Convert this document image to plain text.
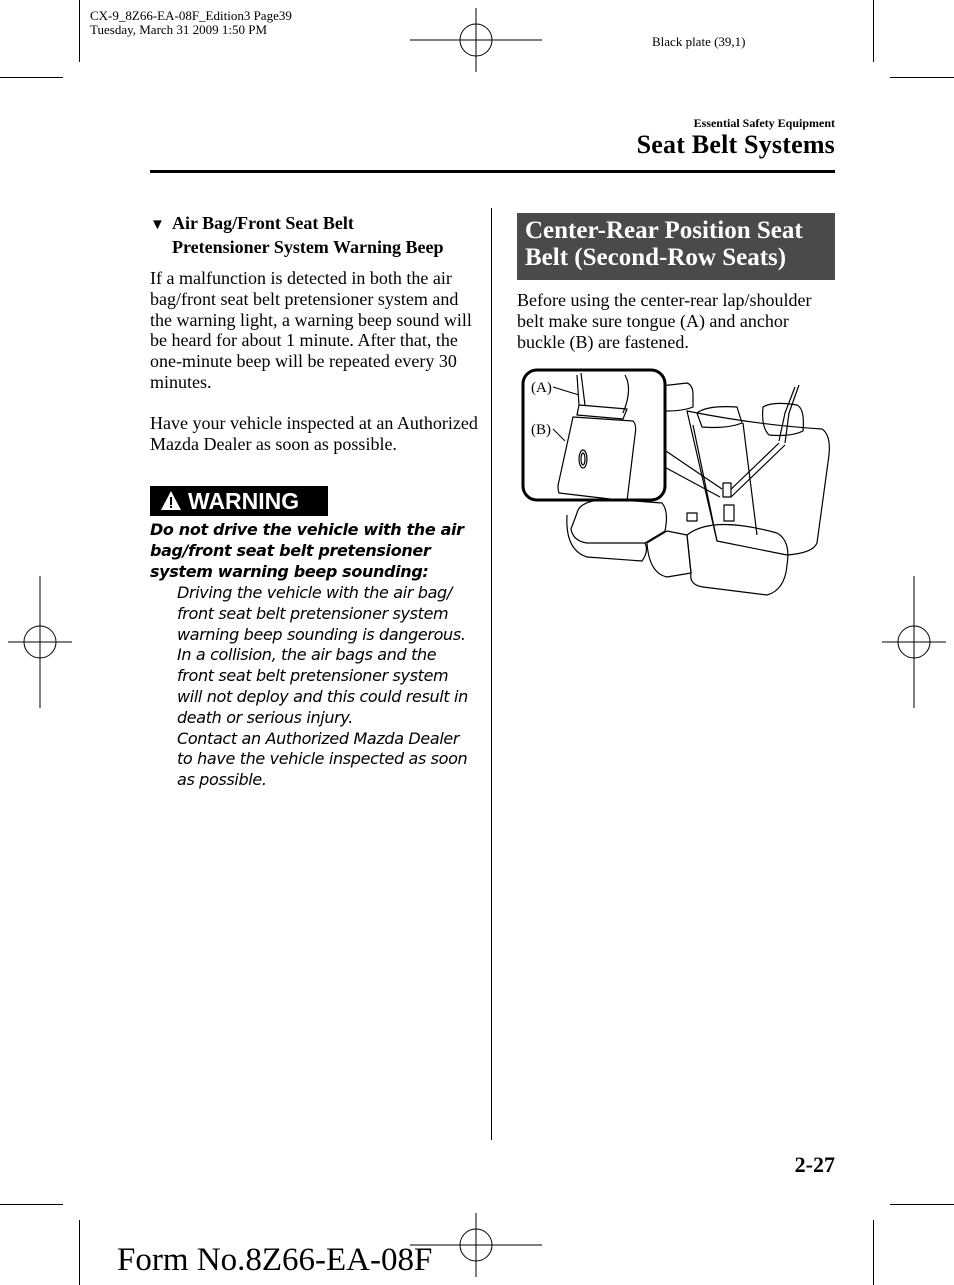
CX-9_8Z66-EA-08F_Edition3 Page39
Tuesday, March 31 2009 1:50 PM
Black plate (39,1)
Essential Safety Equipment
Seat Belt Systems
▼ Air Bag/Front Seat Belt
Pretensioner System Warning Beep
If a malfunction is detected in both the air bag/front seat belt pretensioner system and the warning light, a warning beep sound will be heard for about 1 minute. After that, the one-minute beep will be repeated every 30 minutes.
Have your vehicle inspected at an Authorized Mazda Dealer as soon as possible.
WARNING
Do not drive the vehicle with the air bag/front seat belt pretensioner system warning beep sounding:
Driving the vehicle with the air bag/ front seat belt pretensioner system warning beep sounding is dangerous. In a collision, the air bags and the front seat belt pretensioner system will not deploy and this could result in death or serious injury.
Contact an Authorized Mazda Dealer to have the vehicle inspected as soon as possible.
Center-Rear Position Seat
Belt (Second-Row Seats)
Before using the center-rear lap/shoulder belt make sure tongue (A) and anchor buckle (B) are fastened.
(A)
(B)
2-27
Form No.8Z66-EA-08F
